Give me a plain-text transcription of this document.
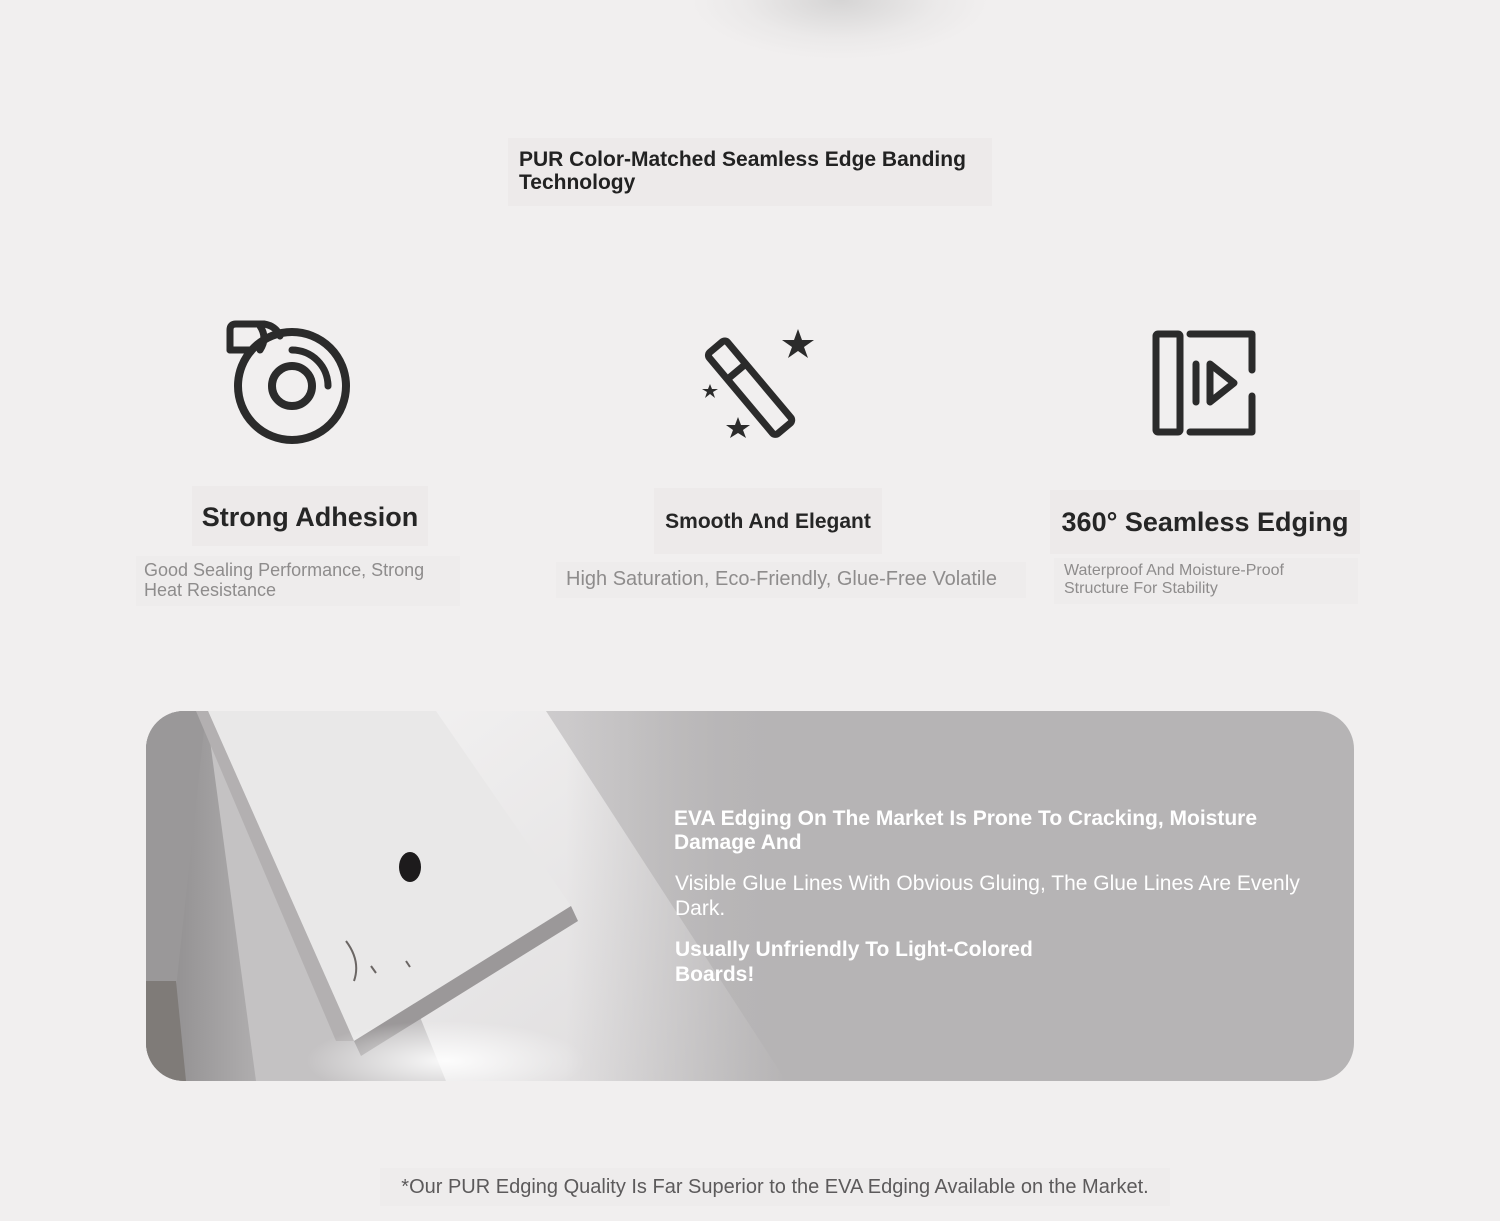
PUR Color-Matched Seamless Edge Banding Technology
Strong Adhesion
Good Sealing Performance, Strong Heat Resistance
Smooth And Elegant
High Saturation, Eco-Friendly, Glue-Free Volatile
360° Seamless Edging
Waterproof And Moisture-Proof Structure For Stability
EVA Edging On The Market Is Prone To Cracking, Moisture Damage And
Visible Glue Lines With Obvious Gluing, The Glue Lines Are Evenly Dark.
Usually Unfriendly To Light-Colored Boards!
*Our PUR Edging Quality Is Far Superior to the EVA Edging Available on the Market.
